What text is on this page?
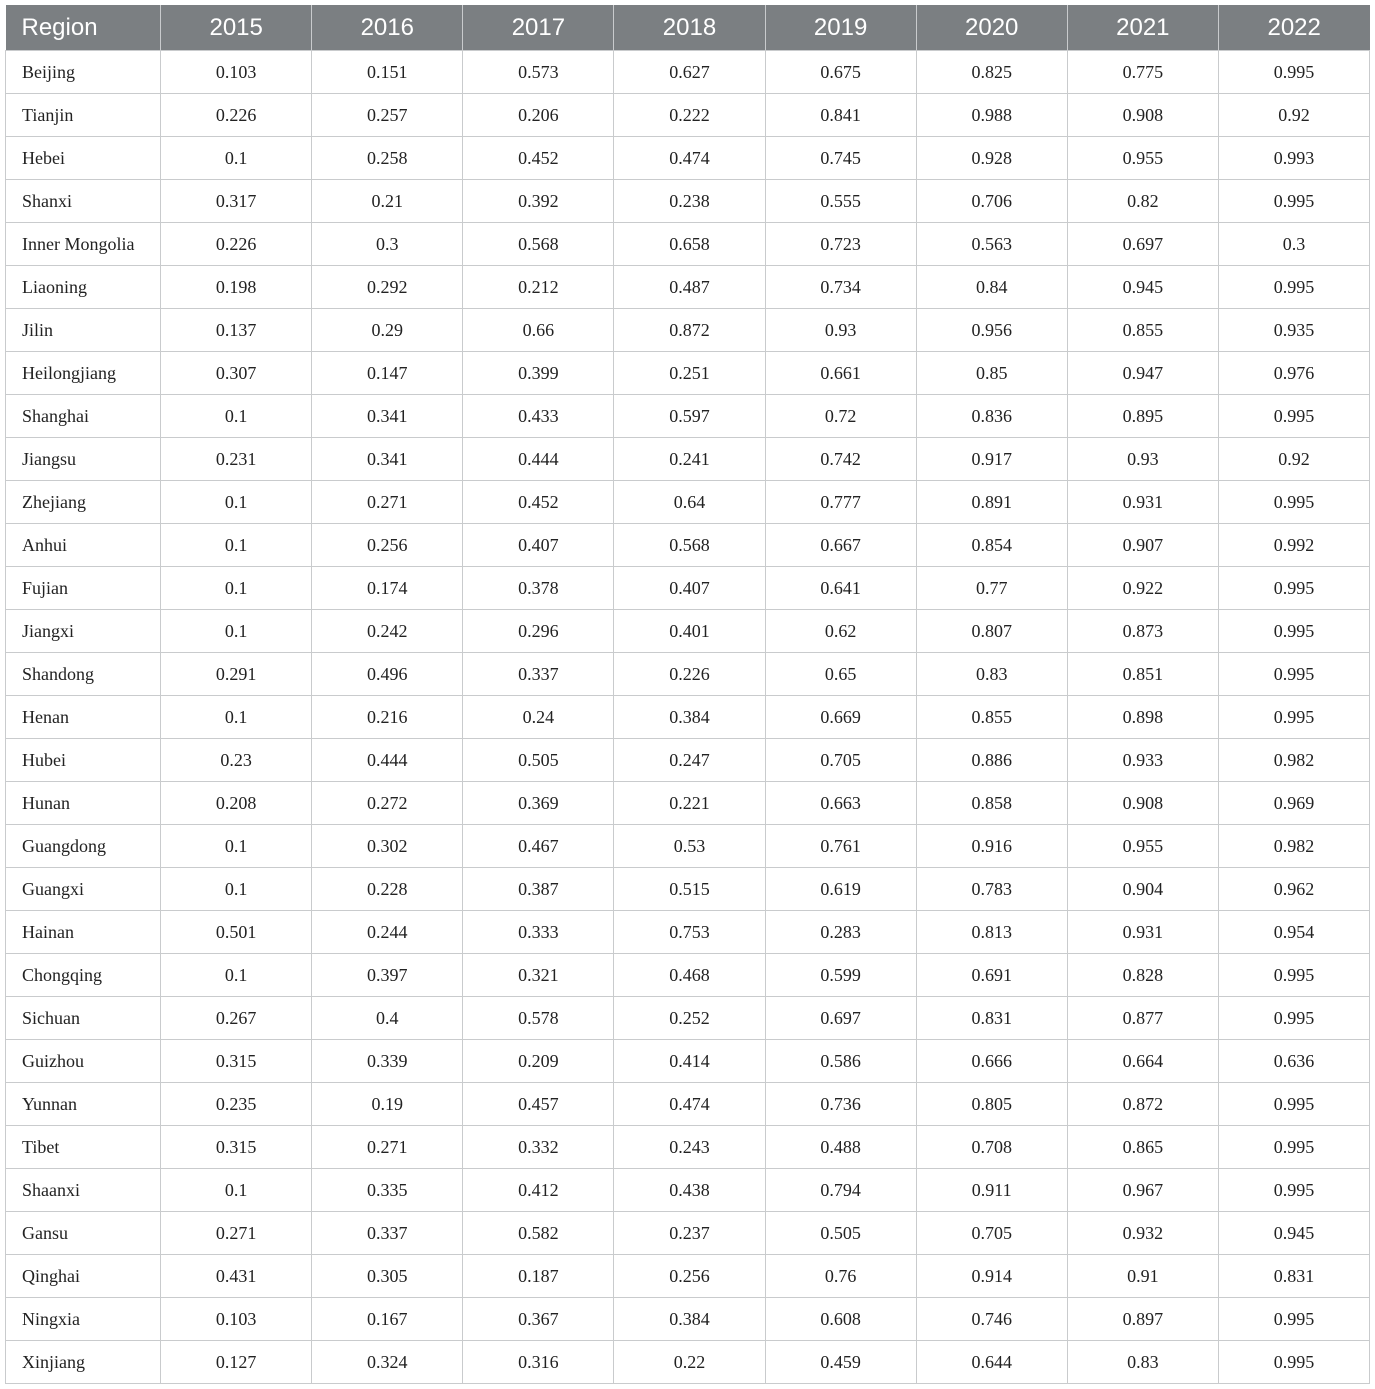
Region	2015	2016	2017	2018	2019	2020	2021	2022
Beijing	0.103	0.151	0.573	0.627	0.675	0.825	0.775	0.995
Tianjin	0.226	0.257	0.206	0.222	0.841	0.988	0.908	0.92
Hebei	0.1	0.258	0.452	0.474	0.745	0.928	0.955	0.993
Shanxi	0.317	0.21	0.392	0.238	0.555	0.706	0.82	0.995
Inner Mongolia	0.226	0.3	0.568	0.658	0.723	0.563	0.697	0.3
Liaoning	0.198	0.292	0.212	0.487	0.734	0.84	0.945	0.995
Jilin	0.137	0.29	0.66	0.872	0.93	0.956	0.855	0.935
Heilongjiang	0.307	0.147	0.399	0.251	0.661	0.85	0.947	0.976
Shanghai	0.1	0.341	0.433	0.597	0.72	0.836	0.895	0.995
Jiangsu	0.231	0.341	0.444	0.241	0.742	0.917	0.93	0.92
Zhejiang	0.1	0.271	0.452	0.64	0.777	0.891	0.931	0.995
Anhui	0.1	0.256	0.407	0.568	0.667	0.854	0.907	0.992
Fujian	0.1	0.174	0.378	0.407	0.641	0.77	0.922	0.995
Jiangxi	0.1	0.242	0.296	0.401	0.62	0.807	0.873	0.995
Shandong	0.291	0.496	0.337	0.226	0.65	0.83	0.851	0.995
Henan	0.1	0.216	0.24	0.384	0.669	0.855	0.898	0.995
Hubei	0.23	0.444	0.505	0.247	0.705	0.886	0.933	0.982
Hunan	0.208	0.272	0.369	0.221	0.663	0.858	0.908	0.969
Guangdong	0.1	0.302	0.467	0.53	0.761	0.916	0.955	0.982
Guangxi	0.1	0.228	0.387	0.515	0.619	0.783	0.904	0.962
Hainan	0.501	0.244	0.333	0.753	0.283	0.813	0.931	0.954
Chongqing	0.1	0.397	0.321	0.468	0.599	0.691	0.828	0.995
Sichuan	0.267	0.4	0.578	0.252	0.697	0.831	0.877	0.995
Guizhou	0.315	0.339	0.209	0.414	0.586	0.666	0.664	0.636
Yunnan	0.235	0.19	0.457	0.474	0.736	0.805	0.872	0.995
Tibet	0.315	0.271	0.332	0.243	0.488	0.708	0.865	0.995
Shaanxi	0.1	0.335	0.412	0.438	0.794	0.911	0.967	0.995
Gansu	0.271	0.337	0.582	0.237	0.505	0.705	0.932	0.945
Qinghai	0.431	0.305	0.187	0.256	0.76	0.914	0.91	0.831
Ningxia	0.103	0.167	0.367	0.384	0.608	0.746	0.897	0.995
Xinjiang	0.127	0.324	0.316	0.22	0.459	0.644	0.83	0.995
